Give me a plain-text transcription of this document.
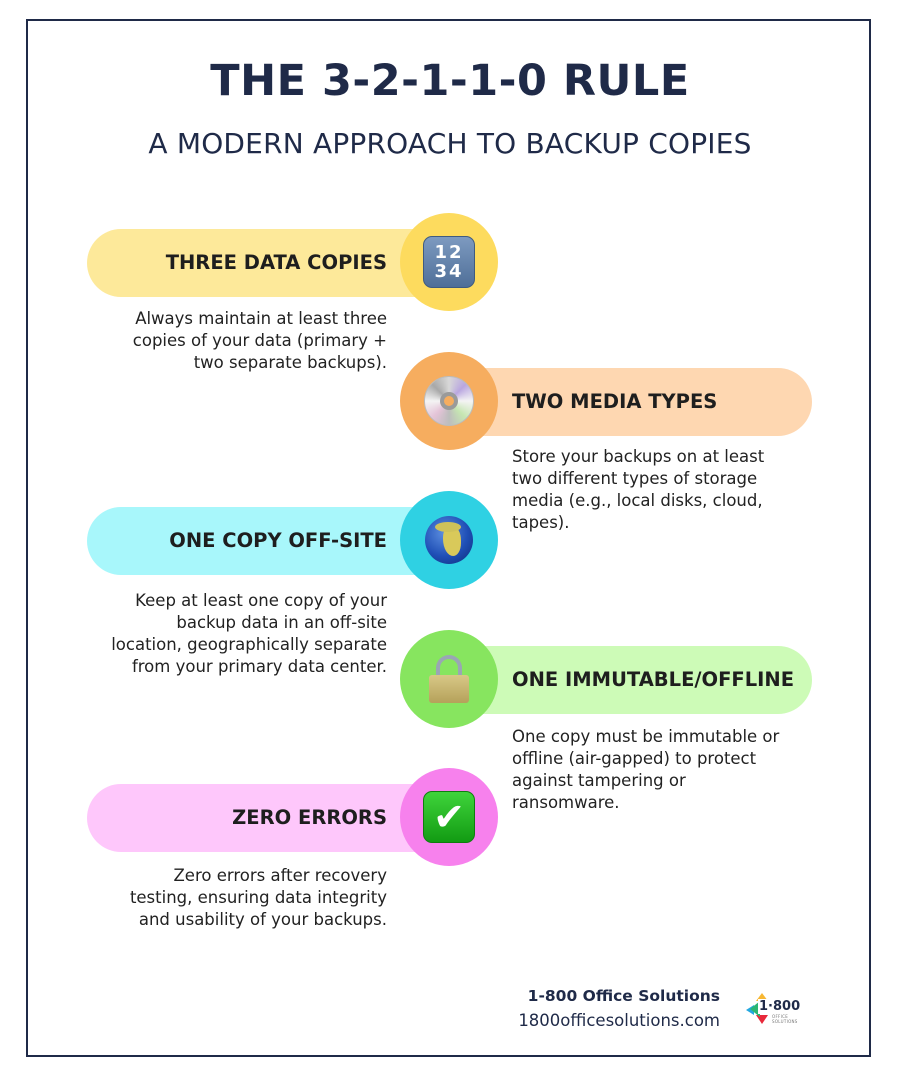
THE 3-2-1-1-0 RULE
A MODERN APPROACH TO BACKUP COPIES
12
34
THREE DATA COPIES
Always maintain at least three
copies of your data (primary +
two separate backups).
TWO MEDIA TYPES
Store your backups on at least
two different types of storage
media (e.g., local disks, cloud,
tapes).
ONE COPY OFF-SITE
Keep at least one copy of your
backup data in an off-site
location, geographically separate
from your primary data center.
ONE IMMUTABLE/OFFLINE
One copy must be immutable or
offline (air-gapped) to protect
against tampering or
ransomware.
✔
ZERO ERRORS
Zero errors after recovery
testing, ensuring data integrity
and usability of your backups.
1-800 Office Solutions
1800officesolutions.com
1·800
OFFICE SOLUTIONS
